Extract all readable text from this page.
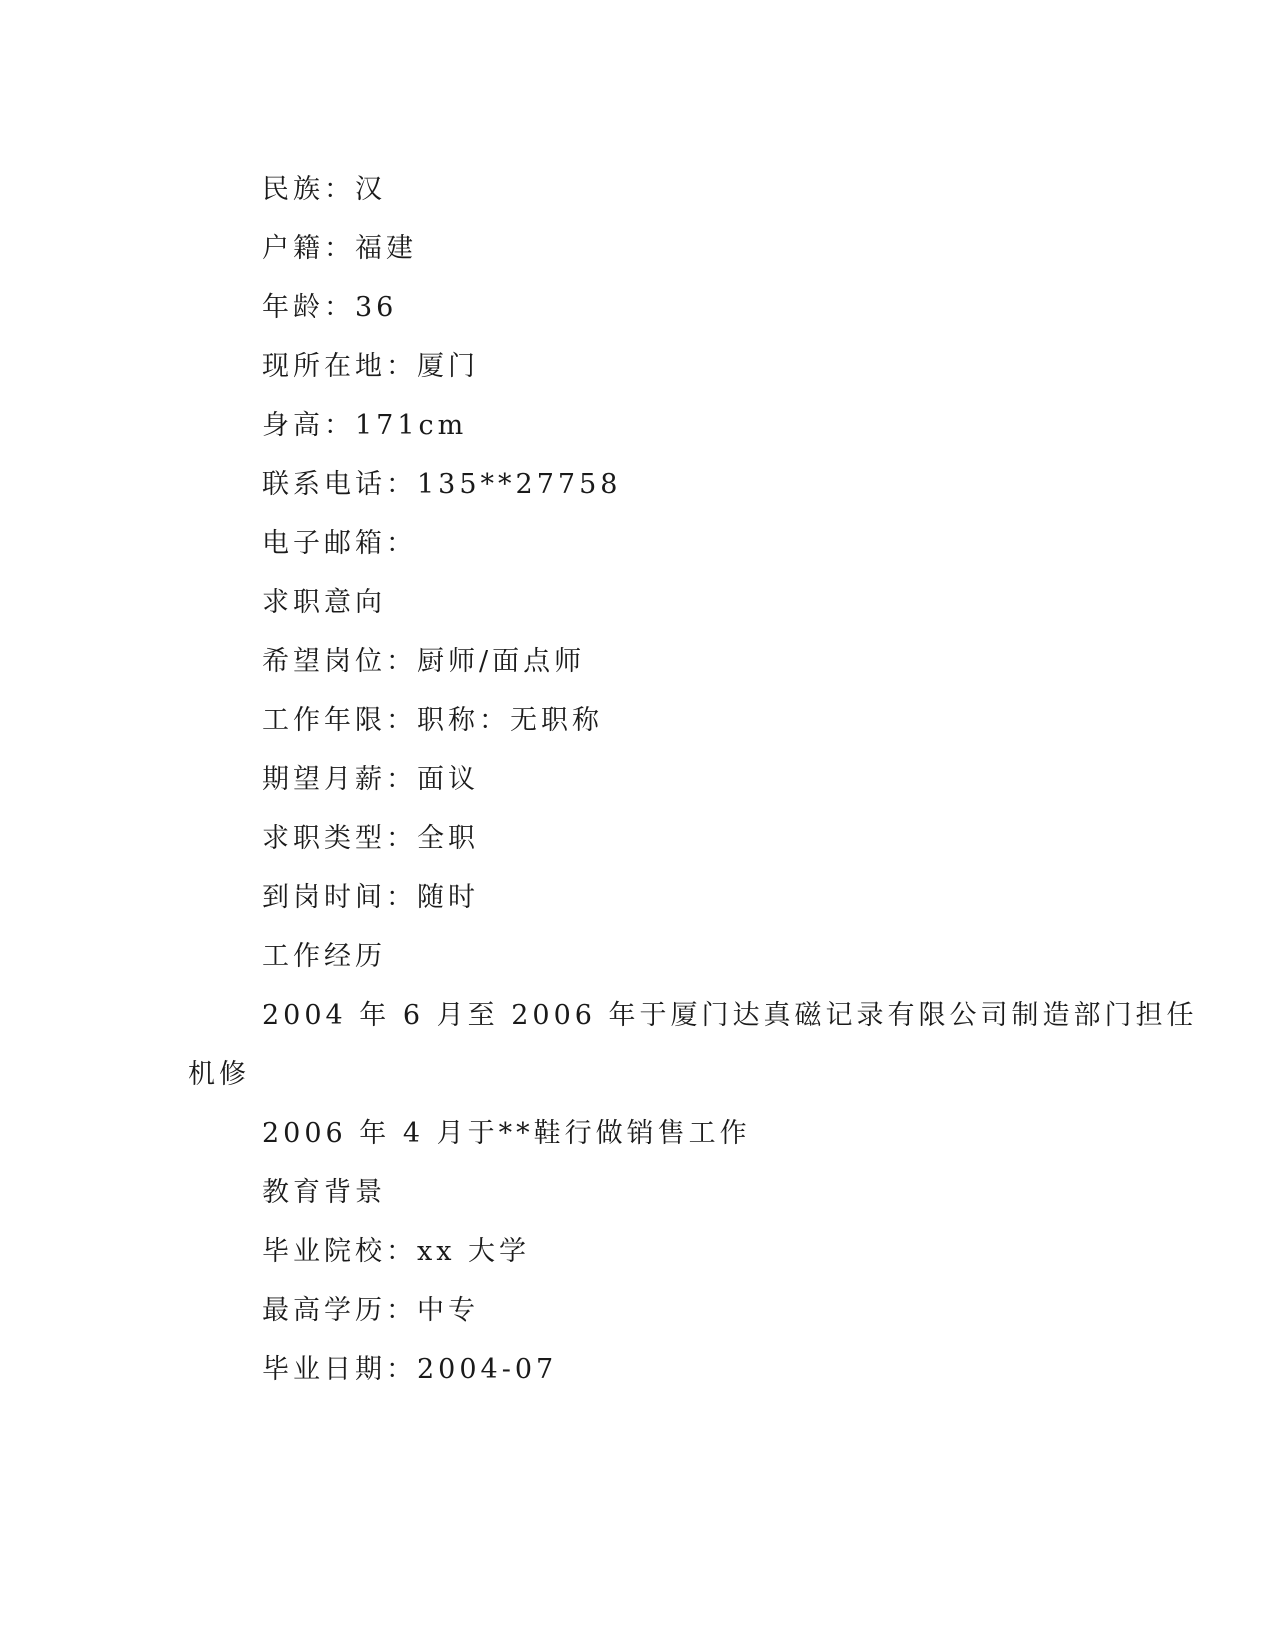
民族：汉
户籍：福建
年龄：36
现所在地：厦门
身高：171cm
联系电话：135**27758
电子邮箱：
求职意向
希望岗位：厨师/面点师
工作年限：职称：无职称
期望月薪：面议
求职类型：全职
到岗时间：随时
工作经历
2004 年 6 月至 2006 年于厦门达真磁记录有限公司制造部门担任
机修
2006 年 4 月于**鞋行做销售工作
教育背景
毕业院校：xx 大学
最高学历：中专
毕业日期：2004-07
